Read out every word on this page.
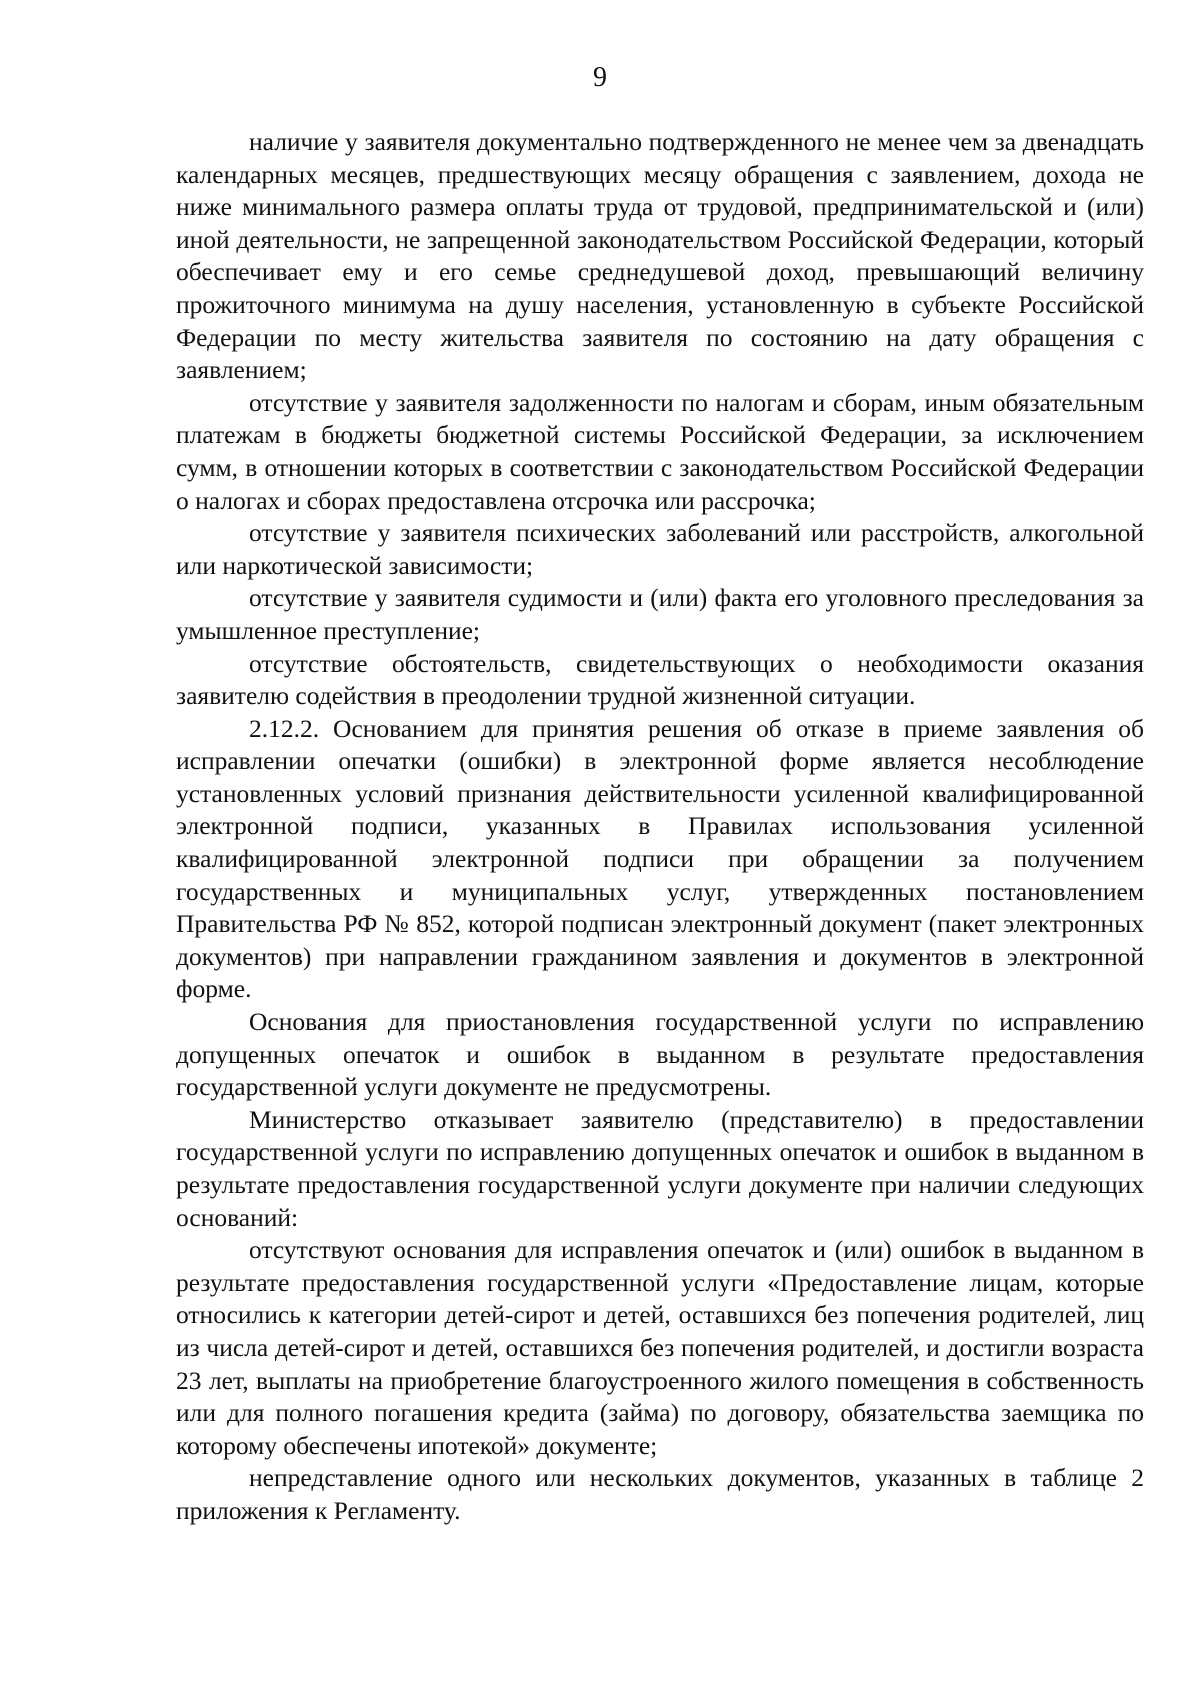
9

наличие у заявителя документально подтвержденного не менее чем за двенадцать календарных месяцев, предшествующих месяцу обращения с заявлением, дохода не ниже минимального размера оплаты труда от трудовой, предпринимательской и (или) иной деятельности, не запрещенной законодательством Российской Федерации, который обеспечивает ему и его семье среднедушевой доход, превышающий величину прожиточного минимума на душу населения, установленную в субъекте Российской Федерации по месту жительства заявителя по состоянию на дату обращения с заявлением;

отсутствие у заявителя задолженности по налогам и сборам, иным обязательным платежам в бюджеты бюджетной системы Российской Федерации, за исключением сумм, в отношении которых в соответствии с законодательством Российской Федерации о налогах и сборах предоставлена отсрочка или рассрочка;

отсутствие у заявителя психических заболеваний или расстройств, алкогольной или наркотической зависимости;

отсутствие у заявителя судимости и (или) факта его уголовного преследования за умышленное преступление;

отсутствие обстоятельств, свидетельствующих о необходимости оказания заявителю содействия в преодолении трудной жизненной ситуации.

2.12.2. Основанием для принятия решения об отказе в приеме заявления об исправлении опечатки (ошибки) в электронной форме является несоблюдение установленных условий признания действительности усиленной квалифицированной электронной подписи, указанных в Правилах использования усиленной квалифицированной электронной подписи при обращении за получением государственных и муниципальных услуг, утвержденных постановлением Правительства РФ № 852, которой подписан электронный документ (пакет электронных документов) при направлении гражданином заявления и документов в электронной форме.

Основания для приостановления государственной услуги по исправлению допущенных опечаток и ошибок в выданном в результате предоставления государственной услуги документе не предусмотрены.

Министерство отказывает заявителю (представителю) в предоставлении государственной услуги по исправлению допущенных опечаток и ошибок в выданном в результате предоставления государственной услуги документе при наличии следующих оснований:

отсутствуют основания для исправления опечаток и (или) ошибок в выданном в результате предоставления государственной услуги «Предоставление лицам, которые относились к категории детей-сирот и детей, оставшихся без попечения родителей, лиц из числа детей-сирот и детей, оставшихся без попечения родителей, и достигли возраста 23 лет, выплаты на приобретение благоустроенного жилого помещения в собственность или для полного погашения кредита (займа) по договору, обязательства заемщика по которому обеспечены ипотекой» документе;

непредставление одного или нескольких документов, указанных в таблице 2 приложения к Регламенту.
